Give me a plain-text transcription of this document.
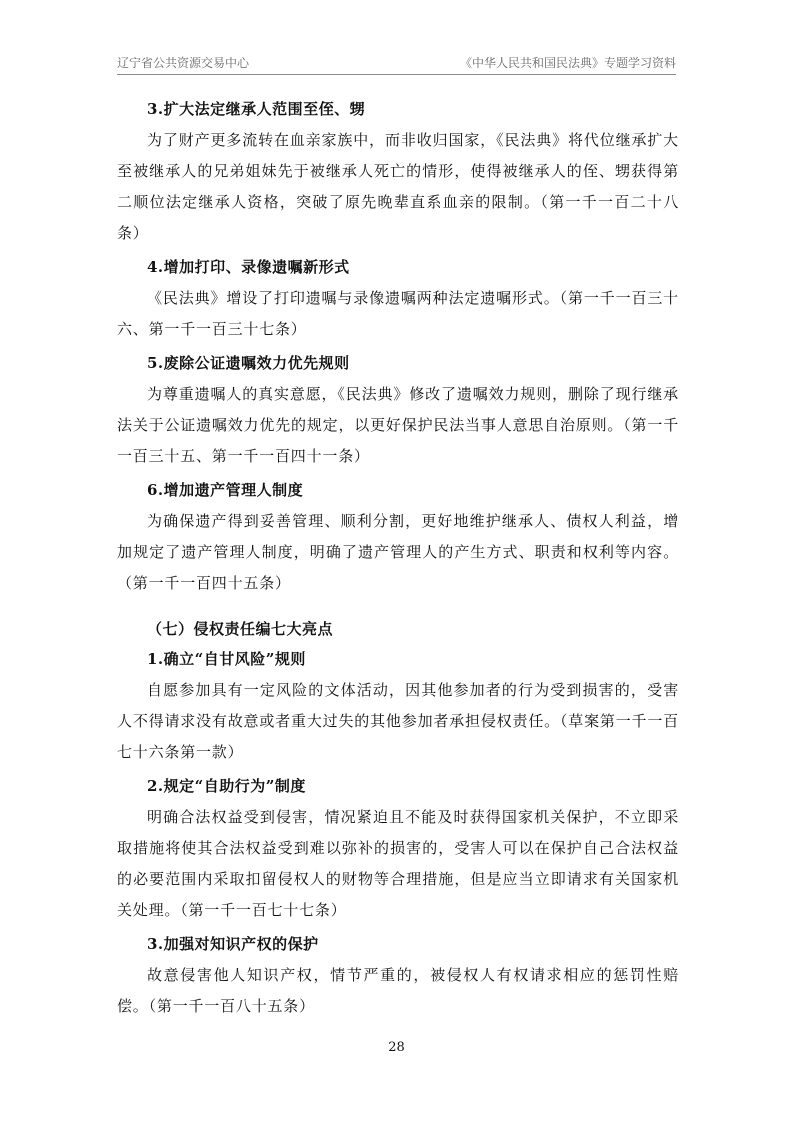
辽宁省公共资源交易中心	《中华人民共和国民法典》专题学习资料

3.扩大法定继承人范围至侄、甥

为了财产更多流转在血亲家族中，而非收归国家，《民法典》将代位继承扩大至被继承人的兄弟姐妹先于被继承人死亡的情形，使得被继承人的侄、甥获得第二顺位法定继承人资格，突破了原先晚辈直系血亲的限制。（第一千一百二十八条）

4.增加打印、录像遗嘱新形式

《民法典》增设了打印遗嘱与录像遗嘱两种法定遗嘱形式。（第一千一百三十六、第一千一百三十七条）

5.废除公证遗嘱效力优先规则

为尊重遗嘱人的真实意愿，《民法典》修改了遗嘱效力规则，删除了现行继承法关于公证遗嘱效力优先的规定，以更好保护民法当事人意思自治原则。（第一千一百三十五、第一千一百四十一条）

6.增加遗产管理人制度

为确保遗产得到妥善管理、顺利分割，更好地维护继承人、债权人利益，增加规定了遗产管理人制度，明确了遗产管理人的产生方式、职责和权利等内容。（第一千一百四十五条）

（七）侵权责任编七大亮点

1.确立“自甘风险”规则

自愿参加具有一定风险的文体活动，因其他参加者的行为受到损害的，受害人不得请求没有故意或者重大过失的其他参加者承担侵权责任。（草案第一千一百七十六条第一款）

2.规定“自助行为”制度

明确合法权益受到侵害，情况紧迫且不能及时获得国家机关保护，不立即采取措施将使其合法权益受到难以弥补的损害的，受害人可以在保护自己合法权益的必要范围内采取扣留侵权人的财物等合理措施，但是应当立即请求有关国家机关处理。（第一千一百七十七条）

3.加强对知识产权的保护

故意侵害他人知识产权，情节严重的，被侵权人有权请求相应的惩罚性赔偿。（第一千一百八十五条）

28
